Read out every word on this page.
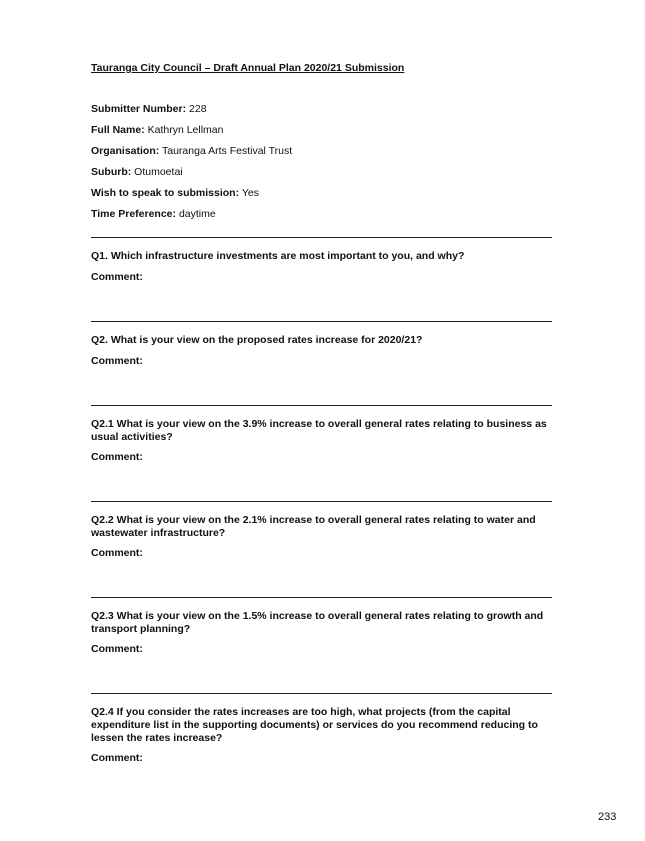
Tauranga City Council – Draft Annual Plan 2020/21 Submission
Submitter Number: 228
Full Name: Kathryn Lellman
Organisation: Tauranga Arts Festival Trust
Suburb: Otumoetai
Wish to speak to submission: Yes
Time Preference: daytime
Q1. Which infrastructure investments are most important to you, and why?
Comment:
Q2. What is your view on the proposed rates increase for 2020/21?
Comment:
Q2.1 What is your view on the 3.9% increase to overall general rates relating to business as usual activities?
Comment:
Q2.2 What is your view on the 2.1% increase to overall general rates relating to water and wastewater infrastructure?
Comment:
Q2.3 What is your view on the 1.5% increase to overall general rates relating to growth and transport planning?
Comment:
Q2.4 If you consider the rates increases are too high, what projects (from the capital expenditure list in the supporting documents) or services do you recommend reducing to lessen the rates increase?
Comment:
233
